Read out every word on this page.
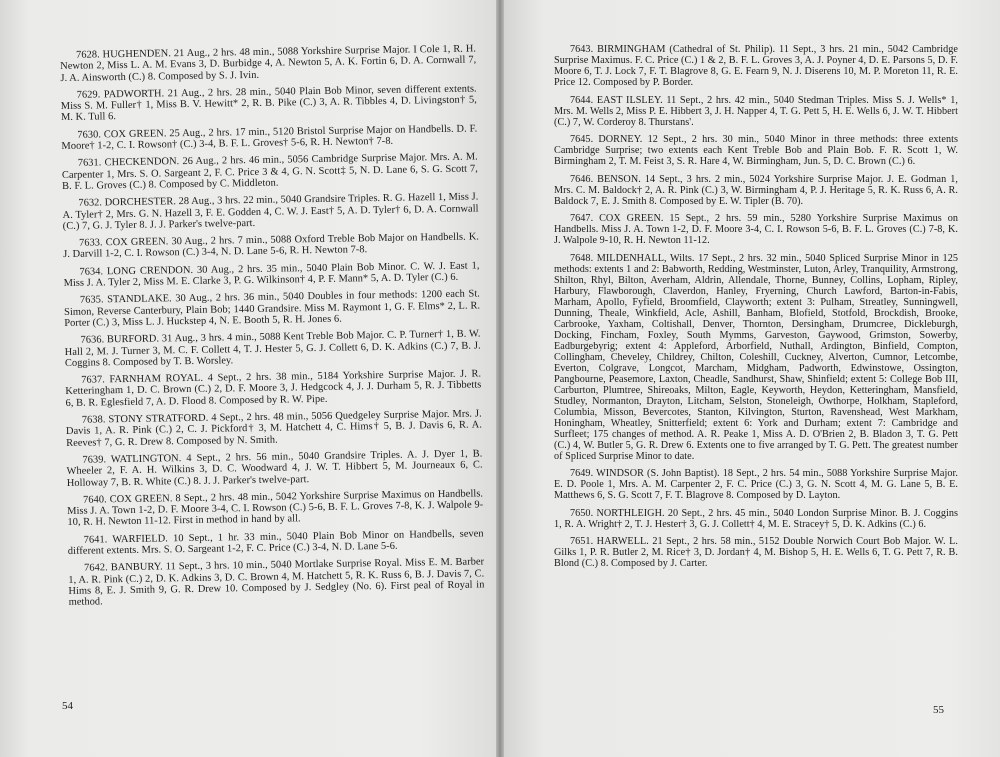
7628. HUGHENDEN. 21 Aug., 2 hrs. 48 min., 5088 Yorkshire Surprise Major. I Cole 1, R. H. Newton 2, Miss L. A. M. Evans 3, D. Burbidge 4, A. Newton 5, A. K. Fortin 6, D. A. Cornwall 7, J. A. Ainsworth (C.) 8. Composed by S. J. Ivin.

7629. PADWORTH. 21 Aug., 2 hrs. 28 min., 5040 Plain Bob Minor, seven different extents. Miss S. M. Fuller† 1, Miss B. V. Hewitt* 2, R. B. Pike (C.) 3, A. R. Tibbles 4, D. Livingston† 5, M. K. Tull 6.

7630. COX GREEN. 25 Aug., 2 hrs. 17 min., 5120 Bristol Surprise Major on Handbells. D. F. Moore† 1-2, C. I. Rowson† (C.) 3-4, B. F. L. Groves† 5-6, R. H. Newton† 7-8.

7631. CHECKENDON. 26 Aug., 2 hrs. 46 min., 5056 Cambridge Surprise Major. Mrs. A. M. Carpenter 1, Mrs. S. O. Sargeant 2, F. C. Price 3 & 4, G. N. Scott‡ 5, N. D. Lane 6, S. G. Scott 7, B. F. L. Groves (C.) 8. Composed by C. Middleton.

7632. DORCHESTER. 28 Aug., 3 hrs. 22 min., 5040 Grandsire Triples. R. G. Hazell 1, Miss J. A. Tyler† 2, Mrs. G. N. Hazell 3, F. E. Godden 4, C. W. J. East† 5, A. D. Tyler† 6, D. A. Cornwall (C.) 7, G. J. Tyler 8. J. J. Parker's twelve-part.

7633. COX GREEN. 30 Aug., 2 hrs. 7 min., 5088 Oxford Treble Bob Major on Handbells. K. J. Darvill 1-2, C. I. Rowson (C.) 3-4, N. D. Lane 5-6, R. H. Newton 7-8.

7634. LONG CRENDON. 30 Aug., 2 hrs. 35 min., 5040 Plain Bob Minor. C. W. J. East 1, Miss J. A. Tyler 2, Miss M. E. Clarke 3, P. G. Wilkinson† 4, P. F. Mann* 5, A. D. Tyler (C.) 6.

7635. STANDLAKE. 30 Aug., 2 hrs. 36 min., 5040 Doubles in four methods: 1200 each St. Simon, Reverse Canterbury, Plain Bob; 1440 Grandsire. Miss M. Raymont 1, G. F. Elms* 2, L. R. Porter (C.) 3, Miss L. J. Huckstep 4, N. E. Booth 5, R. H. Jones 6.

7636. BURFORD. 31 Aug., 3 hrs. 4 min., 5088 Kent Treble Bob Major. C. P. Turner† 1, B. W. Hall 2, M. J. Turner 3, M. C. F. Collett 4, T. J. Hester 5, G. J. Collett 6, D. K. Adkins (C.) 7, B. J. Coggins 8. Composed by T. B. Worsley.

7637. FARNHAM ROYAL. 4 Sept., 2 hrs. 38 min., 5184 Yorkshire Surprise Major. J. R. Ketteringham 1, D. C. Brown (C.) 2, D. F. Moore 3, J. Hedgcock 4, J. J. Durham 5, R. J. Tibbetts 6, B. R. Eglesfield 7, A. D. Flood 8. Composed by R. W. Pipe.

7638. STONY STRATFORD. 4 Sept., 2 hrs. 48 min., 5056 Quedgeley Surprise Major. Mrs. J. Davis 1, A. R. Pink (C.) 2, C. J. Pickford† 3, M. Hatchett 4, C. Hims† 5, B. J. Davis 6, R. A. Reeves† 7, G. R. Drew 8. Composed by N. Smith.

7639. WATLINGTON. 4 Sept., 2 hrs. 56 min., 5040 Grandsire Triples. A. J. Dyer 1, B. Wheeler 2, F. A. H. Wilkins 3, D. C. Woodward 4, J. W. T. Hibbert 5, M. Journeaux 6, C. Holloway 7, B. R. White (C.) 8. J. J. Parker's twelve-part.

7640. COX GREEN. 8 Sept., 2 hrs. 48 min., 5042 Yorkshire Surprise Maximus on Handbells. Miss J. A. Town 1-2, D. F. Moore 3-4, C. I. Rowson (C.) 5-6, B. F. L. Groves 7-8, K. J. Walpole 9-10, R. H. Newton 11-12. First in method in hand by all.

7641. WARFIELD. 10 Sept., 1 hr. 33 min., 5040 Plain Bob Minor on Handbells, seven different extents. Mrs. S. O. Sargeant 1-2, F. C. Price (C.) 3-4, N. D. Lane 5-6.

7642. BANBURY. 11 Sept., 3 hrs. 10 min., 5040 Mortlake Surprise Royal. Miss E. M. Barber 1, A. R. Pink (C.) 2, D. K. Adkins 3, D. C. Brown 4, M. Hatchett 5, R. K. Russ 6, B. J. Davis 7, C. Hims 8, E. J. Smith 9, G. R. Drew 10. Composed by J. Sedgley (No. 6). First peal of Royal in method.

54

7643. BIRMINGHAM (Cathedral of St. Philip). 11 Sept., 3 hrs. 21 min., 5042 Cambridge Surprise Maximus. F. C. Price (C.) 1 & 2, B. F. L. Groves 3, A. J. Poyner 4, D. E. Parsons 5, D. F. Moore 6, T. J. Lock 7, F. T. Blagrove 8, G. E. Fearn 9, N. J. Diserens 10, M. P. Moreton 11, R. E. Price 12. Composed by P. Border.

7644. EAST ILSLEY. 11 Sept., 2 hrs. 42 min., 5040 Stedman Triples. Miss S. J. Wells* 1, Mrs. M. Wells 2, Miss P. E. Hibbert 3, J. H. Napper 4, T. G. Pett 5, H. E. Wells 6, J. W. T. Hibbert (C.) 7, W. Corderoy 8. Thurstans'.

7645. DORNEY. 12 Sept., 2 hrs. 30 min., 5040 Minor in three methods: three extents Cambridge Surprise; two extents each Kent Treble Bob and Plain Bob. F. R. Scott 1, W. Birmingham 2, T. M. Feist 3, S. R. Hare 4, W. Birmingham, Jun. 5, D. C. Brown (C.) 6.

7646. BENSON. 14 Sept., 3 hrs. 2 min., 5024 Yorkshire Surprise Major. J. E. Godman 1, Mrs. C. M. Baldock† 2, A. R. Pink (C.) 3, W. Birmingham 4, P. J. Heritage 5, R. K. Russ 6, A. R. Baldock 7, E. J. Smith 8. Composed by E. W. Tipler (B. 70).

7647. COX GREEN. 15 Sept., 2 hrs. 59 min., 5280 Yorkshire Surprise Maximus on Handbells. Miss J. A. Town 1-2, D. F. Moore 3-4, C. I. Rowson 5-6, B. F. L. Groves (C.) 7-8, K. J. Walpole 9-10, R. H. Newton 11-12.

7648. MILDENHALL, Wilts. 17 Sept., 2 hrs. 32 min., 5040 Spliced Surprise Minor in 125 methods: extents 1 and 2: Babworth, Redding, Westminster, Luton, Arley, Tranquility, Armstrong, Shilton, Rhyl, Bilton, Averham, Aldrin, Allendale, Thorne, Bunney, Collins, Lopham, Ripley, Harbury, Flawborough, Claverdon, Hanley, Fryerning, Church Lawford, Barton-in-Fabis, Marham, Apollo, Fyfield, Broomfield, Clayworth; extent 3: Pulham, Streatley, Sunningwell, Dunning, Theale, Winkfield, Acle, Ashill, Banham, Blofield, Stotfold, Brockdish, Brooke, Carbrooke, Yaxham, Coltishall, Denver, Thornton, Dersingham, Drumcree, Dickleburgh, Docking, Fincham, Foxley, South Mymms, Garveston, Gaywood, Grimston, Sowerby, Eadburgebyrig; extent 4: Appleford, Arborfield, Nuthall, Ardington, Binfield, Compton, Collingham, Cheveley, Childrey, Chilton, Coleshill, Cuckney, Alverton, Cumnor, Letcombe, Everton, Colgrave, Longcot, Marcham, Midgham, Padworth, Edwinstowe, Ossington, Pangbourne, Peasemore, Laxton, Cheadle, Sandhurst, Shaw, Shinfield; extent 5: College Bob III, Carburton, Plumtree, Shireoaks, Milton, Eagle, Keyworth, Heydon, Ketteringham, Mansfield, Studley, Normanton, Drayton, Litcham, Selston, Stoneleigh, Owthorpe, Holkham, Stapleford, Columbia, Misson, Bevercotes, Stanton, Kilvington, Sturton, Ravenshead, West Markham, Honingham, Wheatley, Snitterfield; extent 6: York and Durham; extent 7: Cambridge and Surfleet; 175 changes of method. A. R. Peake 1, Miss A. D. O'Brien 2, B. Bladon 3, T. G. Pett (C.) 4, W. Butler 5, G. R. Drew 6. Extents one to five arranged by T. G. Pett. The greatest number of Spliced Surprise Minor to date.

7649. WINDSOR (S. John Baptist). 18 Sept., 2 hrs. 54 min., 5088 Yorkshire Surprise Major. E. D. Poole 1, Mrs. A. M. Carpenter 2, F. C. Price (C.) 3, G. N. Scott 4, M. G. Lane 5, B. E. Matthews 6, S. G. Scott 7, F. T. Blagrove 8. Composed by D. Layton.

7650. NORTHLEIGH. 20 Sept., 2 hrs. 45 min., 5040 London Surprise Minor. B. J. Coggins 1, R. A. Wright† 2, T. J. Hester† 3, G. J. Collett† 4, M. E. Stracey† 5, D. K. Adkins (C.) 6.

7651. HARWELL. 21 Sept., 2 hrs. 58 min., 5152 Double Norwich Court Bob Major. W. L. Gilks 1, P. R. Butler 2, M. Rice† 3, D. Jordan† 4, M. Bishop 5, H. E. Wells 6, T. G. Pett 7, R. B. Blond (C.) 8. Composed by J. Carter.

55
